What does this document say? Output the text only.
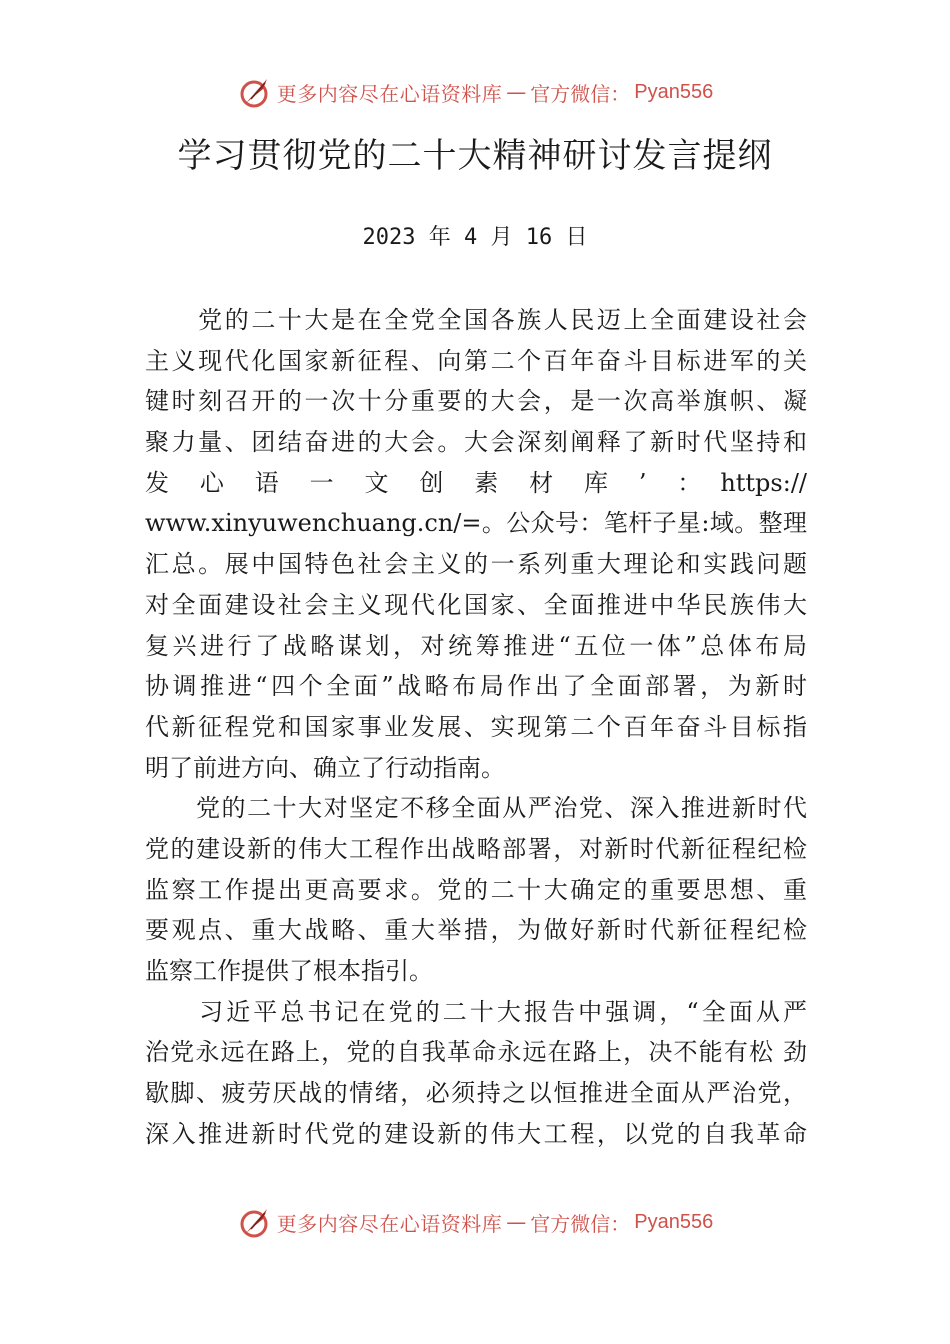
更多内容尽在心语资料库 — 官方微信： Pyan556
学习贯彻党的二十大精神研讨发言提纲
2023 年 4 月 16 日
　　党的二十大是在全党全国各族人民迈上全面建设社会
主义现代化国家新征程、向第二个百年奋斗目标进军的关
键时刻召开的一次十分重要的大会，是一次高举旗帜、凝
聚力量、团结奋进的大会。大会深刻阐释了新时代坚持和
发　心　语　一　文　创　素　材　库　’　：　https://
www.xinyuwenchuang.cn/=。公众号：笔杆子星:域。整理
汇总。展中国特色社会主义的一系列重大理论和实践问题
对全面建设社会主义现代化国家、全面推进中华民族伟大
复兴进行了战略谋划，对统筹推进“五位一体”总体布局
协调推进“四个全面”战略布局作出了全面部署，为新时
代新征程党和国家事业发展、实现第二个百年奋斗目标指
明了前进方向、确立了行动指南。
　　党的二十大对坚定不移全面从严治党、深入推进新时代
党的建设新的伟大工程作出战略部署，对新时代新征程纪检
监察工作提出更高要求。党的二十大确定的重要思想、重
要观点、重大战略、重大举措，为做好新时代新征程纪检
监察工作提供了根本指引。
　　习近平总书记在党的二十大报告中强调，“全面从严
治党永远在路上，党的自我革命永远在路上，决不能有松 劲
歇脚、疲劳厌战的情绪，必须持之以恒推进全面从严治党，
深入推进新时代党的建设新的伟大工程，以党的自我革命
更多内容尽在心语资料库 — 官方微信： Pyan556
